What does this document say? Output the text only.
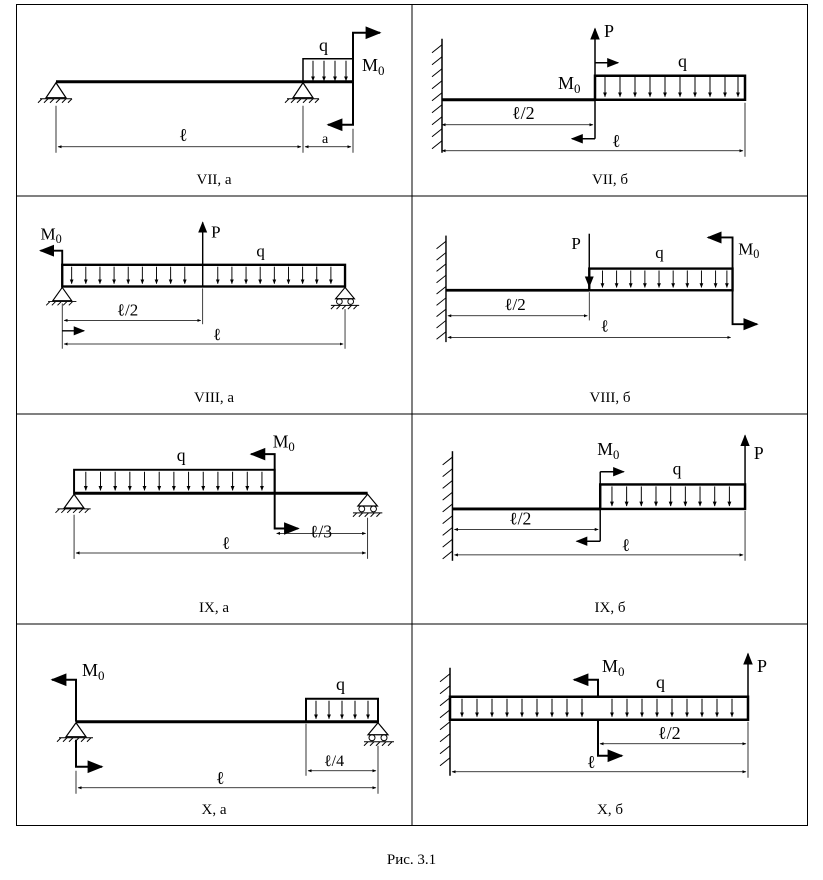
q
$M_0$
ℓ	a
VII, a
P
q
$M_0$
ℓ/2
ℓ
VII, б
$M_0$	P
q
ℓ/2
ℓ
VIII, a
P	q	$M_0$
ℓ/2
ℓ
VIII, б
q
$M_0$
ℓ/3
ℓ
IX, a
$M_0$
q
P
ℓ/2
ℓ
IX, б
$M_0$	q
ℓ/4
ℓ
X, a
$M_0$
q
P
ℓ/2
ℓ
X, б
Рис. 3.1
